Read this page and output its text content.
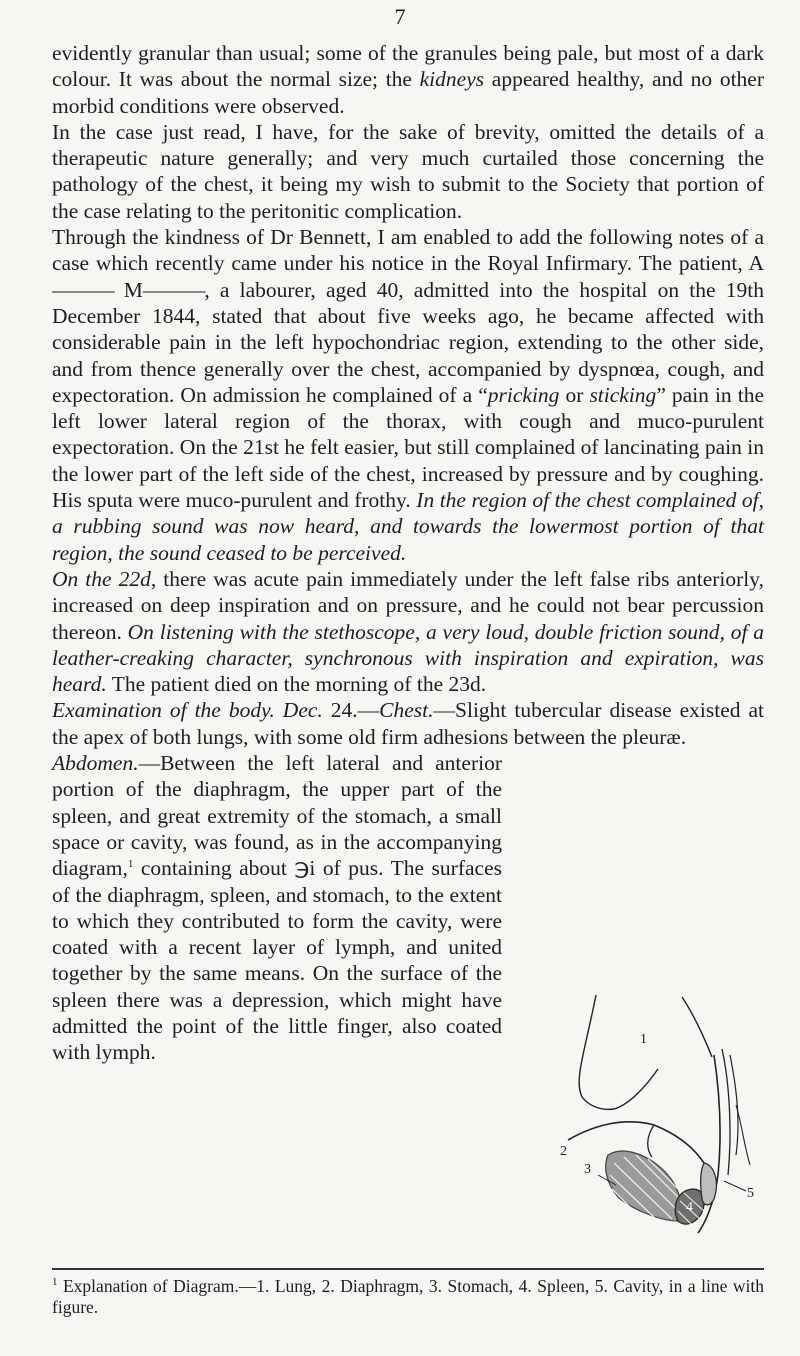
7

evidently granular than usual; some of the granules being pale, but most of a dark colour. It was about the normal size; the kidneys appeared healthy, and no other morbid conditions were observed.

In the case just read, I have, for the sake of brevity, omitted the details of a therapeutic nature generally; and very much curtailed those concerning the pathology of the chest, it being my wish to submit to the Society that portion of the case relating to the peritonitic complication.

Through the kindness of Dr Bennett, I am enabled to add the following notes of a case which recently came under his notice in the Royal Infirmary. The patient, A——— M———, a labourer, aged 40, admitted into the hospital on the 19th December 1844, stated that about five weeks ago, he became affected with considerable pain in the left hypochondriac region, extending to the other side, and from thence generally over the chest, accompanied by dyspnœa, cough, and expectoration. On admission he complained of a “pricking or sticking” pain in the left lower lateral region of the thorax, with cough and muco-purulent expectoration. On the 21st he felt easier, but still complained of lancinating pain in the lower part of the left side of the chest, increased by pressure and by coughing. His sputa were muco-purulent and frothy. In the region of the chest complained of, a rubbing sound was now heard, and towards the lowermost portion of that region, the sound ceased to be perceived.

On the 22d, there was acute pain immediately under the left false ribs anteriorly, increased on deep inspiration and on pressure, and he could not bear percussion thereon. On listening with the stethoscope, a very loud, double friction sound, of a leather-creaking character, synchronous with inspiration and expiration, was heard. The patient died on the morning of the 23d.

Examination of the body. Dec. 24.—Chest.—Slight tubercular disease existed at the apex of both lungs, with some old firm adhesions between the pleuræ.

Abdomen.—Between the left lateral and anterior portion of the diaphragm, the upper part of the spleen, and great extremity of the stomach, a small space or cavity, was found, as in the accompanying diagram,$^1$ containing about ℈i of pus. The surfaces of the diaphragm, spleen, and stomach, to the extent to which they contributed to form the cavity, were coated with a recent layer of lymph, and united together by the same means. On the surface of the spleen there was a depression, which might have admitted the point of the little finger, also coated with lymph.

1
2
3
4
5
$^1$ Explanation of Diagram.—1. Lung, 2. Diaphragm, 3. Stomach, 4. Spleen, 5. Cavity, in a line with figure.
